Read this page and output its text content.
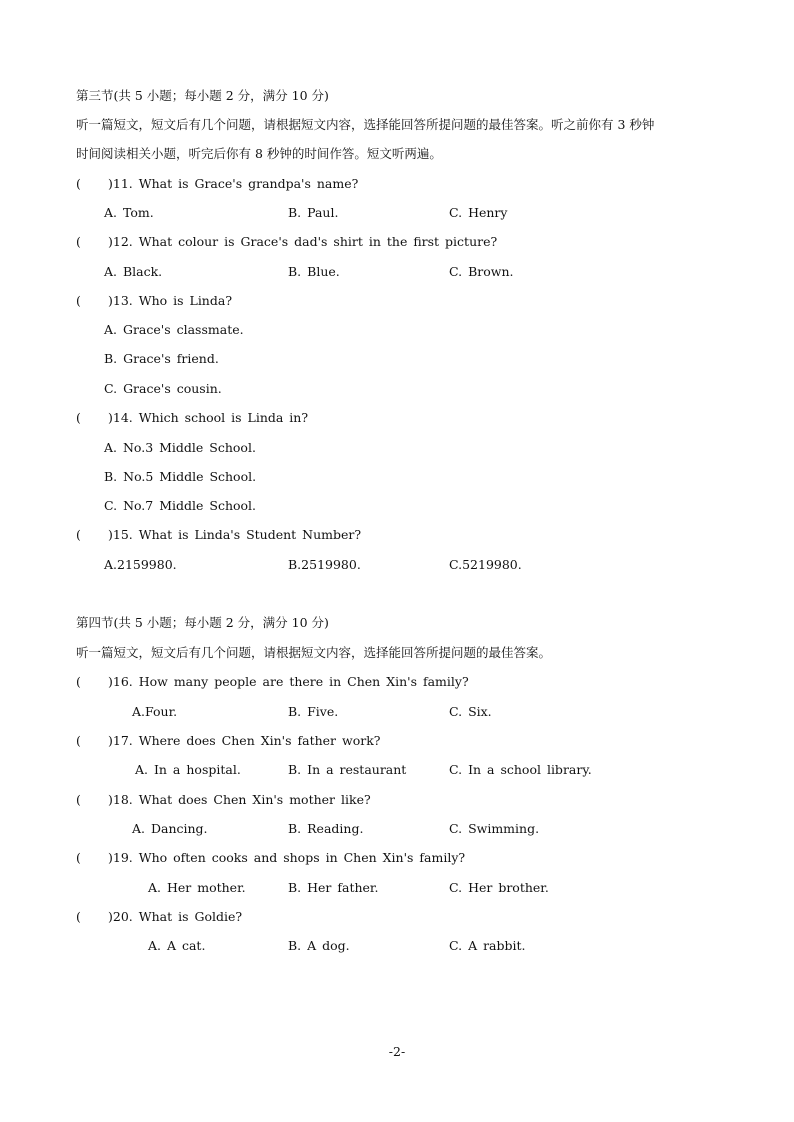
第三节(共 5 小题；每小题 2 分，满分 10 分)
听一篇短文，短文后有几个问题，请根据短文内容，选择能回答所提问题的最佳答案。听之前你有 3 秒钟
时间阅读相关小题，听完后你有 8 秒钟的时间作答。短文听两遍。
( )11. What is Grace's grandpa's name?
A. Tom.	B. Paul.	C. Henry
( )12. What colour is Grace's dad's shirt in the first picture?
A. Black.	B. Blue.	C. Brown.
( )13. Who is Linda?
A. Grace's classmate.
B. Grace's friend.
C. Grace's cousin.
( )14. Which school is Linda in?
A. No.3 Middle School.
B. No.5 Middle School.
C. No.7 Middle School.
( )15. What is Linda's Student Number?
A.2159980.	B.2519980.	C.5219980.
第四节(共 5 小题；每小题 2 分，满分 10 分)
听一篇短文，短文后有几个问题，请根据短文内容，选择能回答所提问题的最佳答案。
( )16. How many people are there in Chen Xin's family?
A.Four.	B. Five.	C. Six.
( )17. Where does Chen Xin's father work?
A. In a hospital.	B. In a restaurant	C. In a school library.
( )18. What does Chen Xin's mother like?
A. Dancing.	B. Reading.	C. Swimming.
( )19. Who often cooks and shops in Chen Xin's family?
A. Her mother.	B. Her father.	C. Her brother.
( )20. What is Goldie?
A. A cat.	B. A dog.	C. A rabbit.
-2-
